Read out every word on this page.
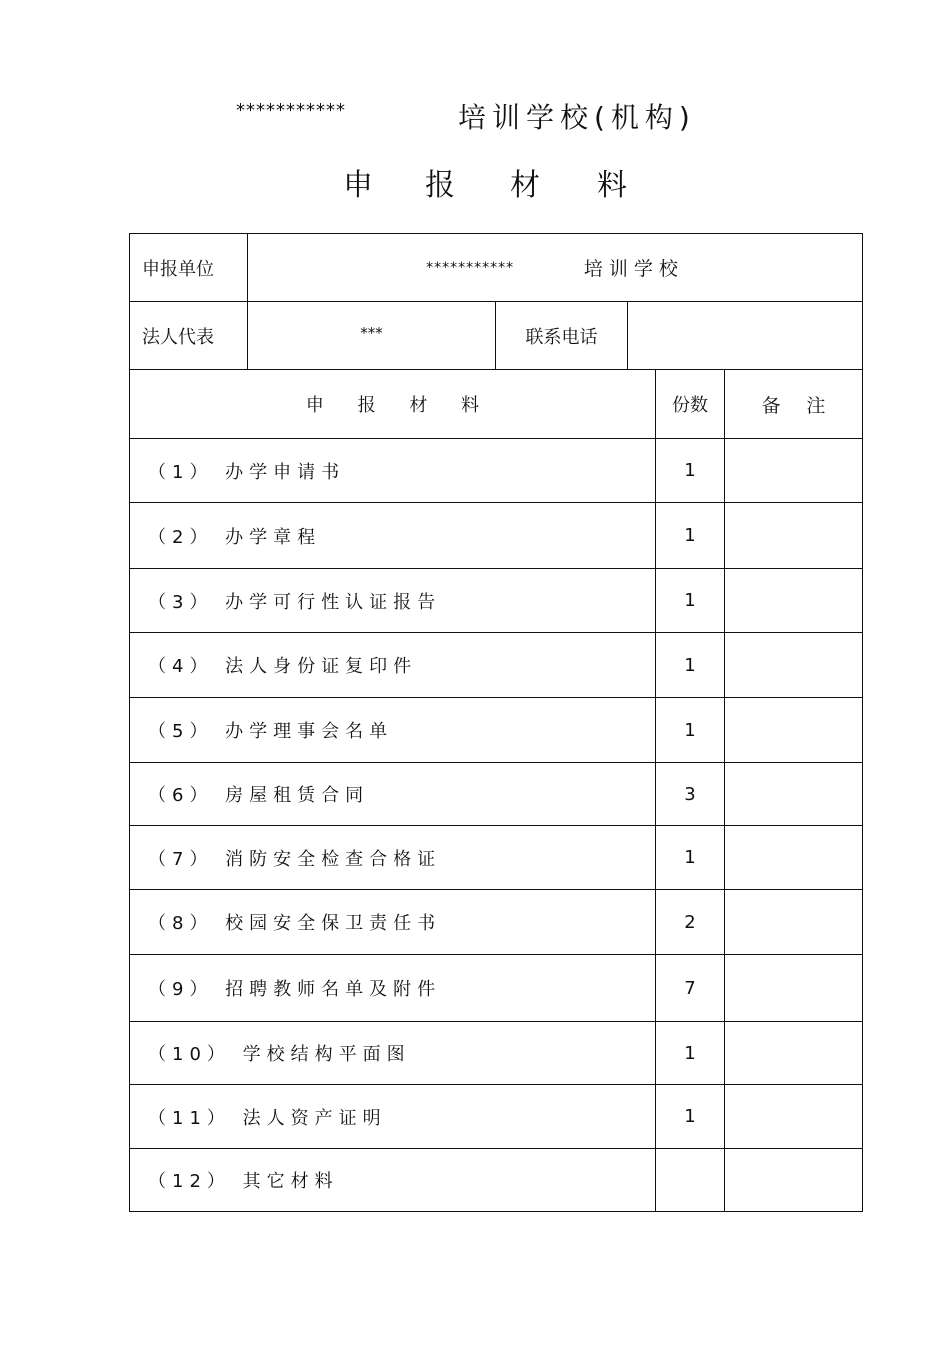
***********	培训学校(机构)
申 报 材 料
申报单位	*********** 培训学校				
法人代表	***	联系电话			
申 报 材 料				份数	备 注
（1） 办学申请书				1	
（2） 办学章程				1	
（3） 办学可行性认证报告				1	
（4） 法人身份证复印件				1	
（5） 办学理事会名单				1	
（6） 房屋租赁合同				3	
（7） 消防安全检查合格证				1	
（8） 校园安全保卫责任书				2	
（9） 招聘教师名单及附件				7	
（10） 学校结构平面图				1	
（11） 法人资产证明				1	
（12） 其它材料					
